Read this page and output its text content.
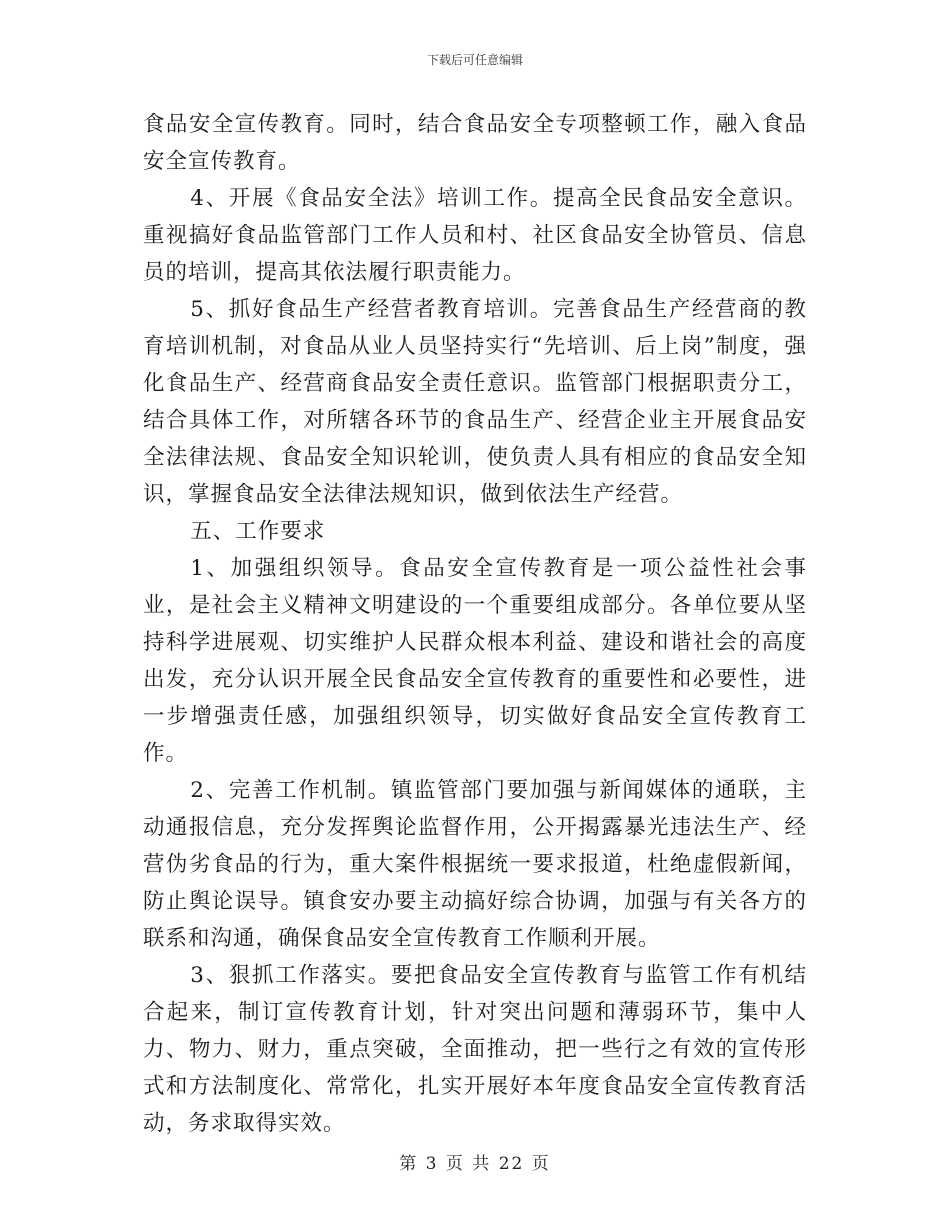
下载后可任意编辑

食品安全宣传教育。同时，结合食品安全专项整顿工作，融入食品安全宣传教育。

4、开展《食品安全法》培训工作。提高全民食品安全意识。重视搞好食品监管部门工作人员和村、社区食品安全协管员、信息员的培训，提高其依法履行职责能力。

5、抓好食品生产经营者教育培训。完善食品生产经营商的教育培训机制，对食品从业人员坚持实行“先培训、后上岗”制度，强化食品生产、经营商食品安全责任意识。监管部门根据职责分工，结合具体工作，对所辖各环节的食品生产、经营企业主开展食品安全法律法规、食品安全知识轮训，使负责人具有相应的食品安全知识，掌握食品安全法律法规知识，做到依法生产经营。

五、工作要求

1、加强组织领导。食品安全宣传教育是一项公益性社会事业，是社会主义精神文明建设的一个重要组成部分。各单位要从坚持科学进展观、切实维护人民群众根本利益、建设和谐社会的高度出发，充分认识开展全民食品安全宣传教育的重要性和必要性，进一步增强责任感，加强组织领导，切实做好食品安全宣传教育工作。

2、完善工作机制。镇监管部门要加强与新闻媒体的通联，主动通报信息，充分发挥舆论监督作用，公开揭露暴光违法生产、经营伪劣食品的行为，重大案件根据统一要求报道，杜绝虚假新闻，防止舆论误导。镇食安办要主动搞好综合协调，加强与有关各方的联系和沟通，确保食品安全宣传教育工作顺利开展。

3、狠抓工作落实。要把食品安全宣传教育与监管工作有机结合起来，制订宣传教育计划，针对突出问题和薄弱环节，集中人力、物力、财力，重点突破，全面推动，把一些行之有效的宣传形式和方法制度化、常常化，扎实开展好本年度食品安全宣传教育活动，务求取得实效。

第 3 页 共 22 页
